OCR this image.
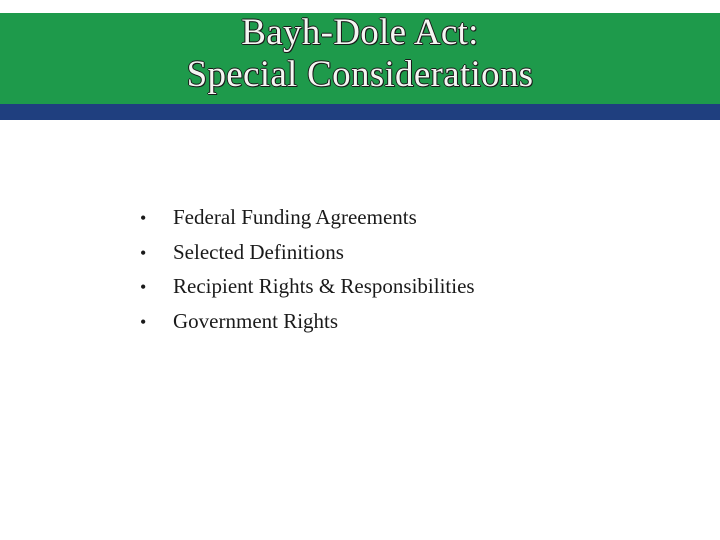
Bayh-Dole Act:
Special Considerations
•	Federal Funding Agreements
•	Selected Definitions
•	Recipient Rights & Responsibilities
•	Government Rights
